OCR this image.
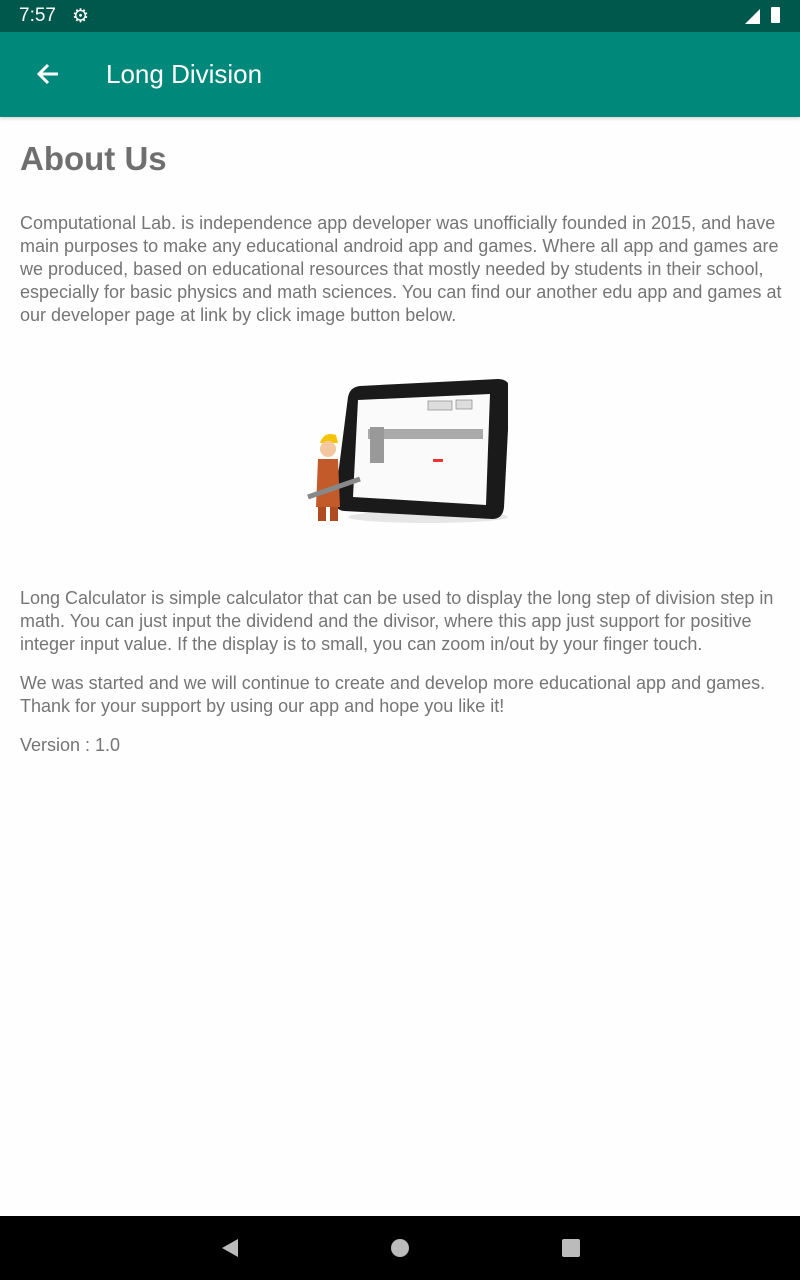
7:57 ⚙
Long Division
About Us

Computational Lab. is independence app developer was unofficially founded in 2015, and have main purposes to make any educational android app and games. Where all app and games are we produced, based on educational resources that mostly needed by students in their school, especially for basic physics and math sciences. You can find our another edu app and games at our developer page at link by click image button below.

Long Calculator is simple calculator that can be used to display the long step of division step in math. You can just input the dividend and the divisor, where this app just support for positive integer input value. If the display is to small, you can zoom in/out by your finger touch.

We was started and we will continue to create and develop more educational app and games. Thank for your support by using our app and hope you like it!

Version : 1.0
